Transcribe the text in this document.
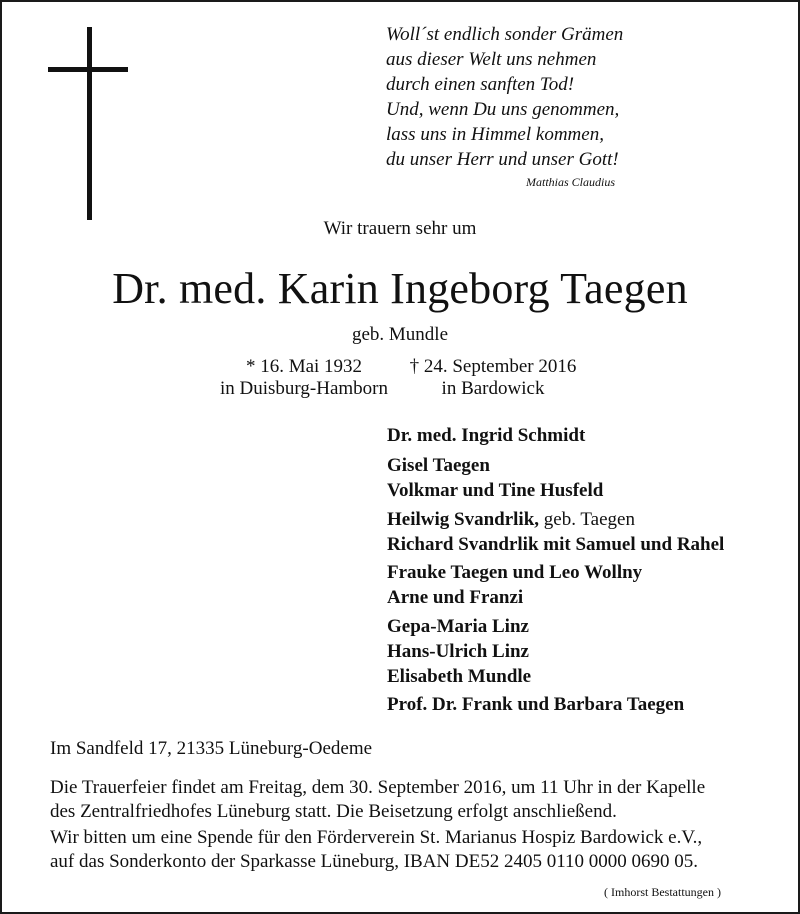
Woll´st endlich sonder Grämen
aus dieser Welt uns nehmen
durch einen sanften Tod!
Und, wenn Du uns genommen,
lass uns in Himmel kommen,
du unser Herr und unser Gott!
Matthias Claudius
Wir trauern sehr um
Dr. med. Karin Ingeborg Taegen
geb. Mundle
* 16. Mai 1932
in Duisburg-Hamborn
† 24. September 2016
in Bardowick
Dr. med. Ingrid Schmidt
Gisel Taegen
Volkmar und Tine Husfeld
Heilwig Svandrlik, geb. Taegen
Richard Svandrlik mit Samuel und Rahel
Frauke Taegen und Leo Wollny
Arne und Franzi
Gepa-Maria Linz
Hans-Ulrich Linz
Elisabeth Mundle
Prof. Dr. Frank und Barbara Taegen
Im Sandfeld 17, 21335 Lüneburg-Oedeme
Die Trauerfeier findet am Freitag, dem 30. September 2016, um 11 Uhr in der Kapelle
des Zentralfriedhofes Lüneburg statt. Die Beisetzung erfolgt anschließend.
Wir bitten um eine Spende für den Förderverein St. Marianus Hospiz Bardowick e.V.,
auf das Sonderkonto der Sparkasse Lüneburg, IBAN DE52 2405 0110 0000 0690 05.
( Imhorst Bestattungen )
